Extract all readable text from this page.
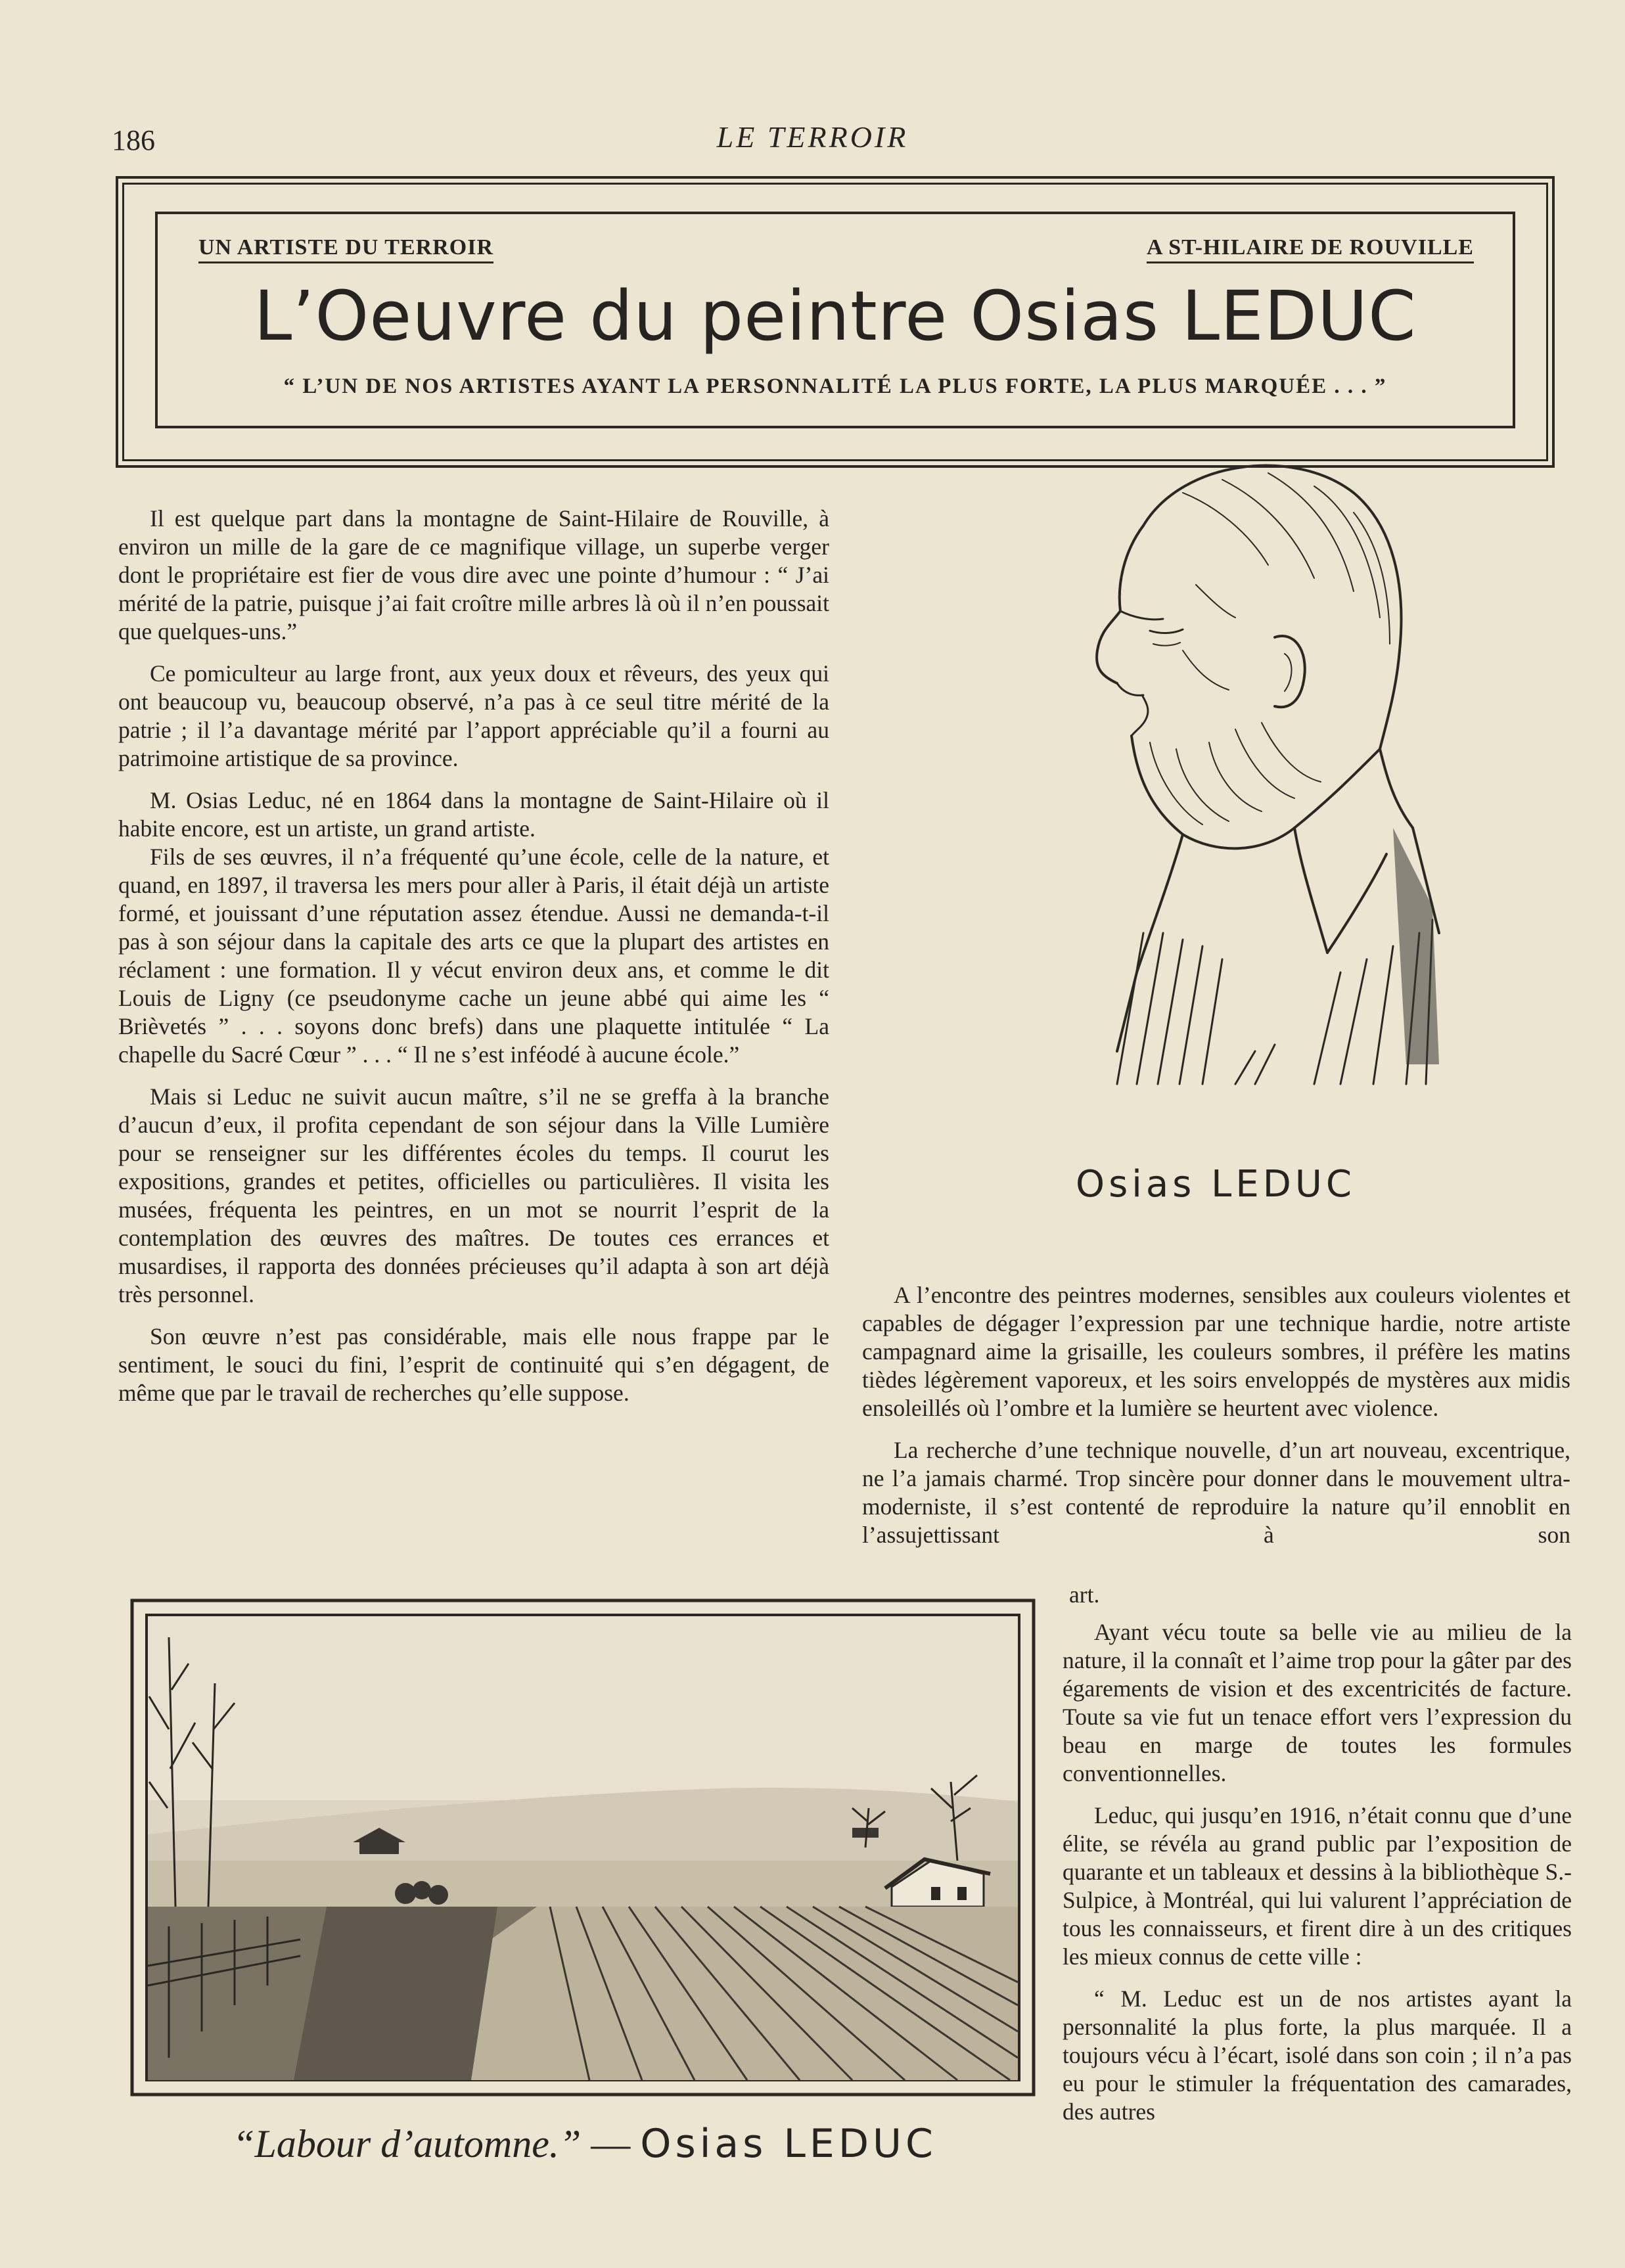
186	LE TERROIR
UN ARTISTE DU TERROIR	A ST-HILAIRE DE ROUVILLE
L’Oeuvre du peintre Osias LEDUC
“ L’UN DE NOS ARTISTES AYANT LA PERSONNALITÉ LA PLUS FORTE, LA PLUS MARQUÉE . . . ”

Il est quelque part dans la montagne de Saint-Hilaire de Rouville, à environ un mille de la gare de ce magnifique village, un superbe verger dont le propriétaire est fier de vous dire avec une pointe d’humour : “ J’ai mérité de la patrie, puisque j’ai fait croître mille arbres là où il n’en poussait que quelques-uns.”

Ce pomiculteur au large front, aux yeux doux et rêveurs, des yeux qui ont beaucoup vu, beaucoup observé, n’a pas à ce seul titre mérité de la patrie ; il l’a davantage mérité par l’apport appréciable qu’il a fourni au patrimoine artistique de sa province.

M. Osias Leduc, né en 1864 dans la montagne de Saint-Hilaire où il habite encore, est un artiste, un grand artiste.

Fils de ses œuvres, il n’a fréquenté qu’une école, celle de la nature, et quand, en 1897, il traversa les mers pour aller à Paris, il était déjà un artiste formé, et jouissant d’une réputation assez étendue. Aussi ne demanda-t-il pas à son séjour dans la capitale des arts ce que la plupart des artistes en réclament : une formation. Il y vécut environ deux ans, et comme le dit Louis de Ligny (ce pseudonyme cache un jeune abbé qui aime les “ Brièvetés ” . . . soyons donc brefs) dans une plaquette intitulée “ La chapelle du Sacré Cœur ” . . . “ Il ne s’est inféodé à aucune école.”

Mais si Leduc ne suivit aucun maître, s’il ne se greffa à la branche d’aucun d’eux, il profita cependant de son séjour dans la Ville Lumière pour se renseigner sur les différentes écoles du temps. Il courut les expositions, grandes et petites, officielles ou particulières. Il visita les musées, fréquenta les peintres, en un mot se nourrit l’esprit de la contemplation des œuvres des maîtres. De toutes ces errances et musardises, il rapporta des données précieuses qu’il adapta à son art déjà très personnel.

Son œuvre n’est pas considérable, mais elle nous frappe par le sentiment, le souci du fini, l’esprit de continuité qui s’en dégagent, de même que par le travail de recherches qu’elle suppose.

Osias LEDUC

A l’encontre des peintres modernes, sensibles aux couleurs violentes et capables de dégager l’expression par une technique hardie, notre artiste campagnard aime la grisaille, les couleurs sombres, il préfère les matins tièdes légèrement vaporeux, et les soirs enveloppés de mystères aux midis ensoleillés où l’ombre et la lumière se heurtent avec violence.

La recherche d’une technique nouvelle, d’un art nouveau, excentrique, ne l’a jamais charmé. Trop sincère pour donner dans le mouvement ultra-moderniste, il s’est contenté de reproduire la nature qu’il ennoblit en l’assujettissant à son

art.

Ayant vécu toute sa belle vie au milieu de la nature, il la connaît et l’aime trop pour la gâter par des égarements de vision et des excentricités de facture. Toute sa vie fut un tenace effort vers l’expression du beau en marge de toutes les formules conventionnelles.

Leduc, qui jusqu’en 1916, n’était connu que d’une élite, se révéla au grand public par l’exposition de quarante et un tableaux et dessins à la bibliothèque S.-Sulpice, à Montréal, qui lui valurent l’appréciation de tous les connaisseurs, et firent dire à un des critiques les mieux connus de cette ville :

“ M. Leduc est un de nos artistes ayant la personnalité la plus forte, la plus marquée. Il a toujours vécu à l’écart, isolé dans son coin ; il n’a pas eu pour le stimuler la fréquentation des camarades, des autres

“Labour d’automne.” — Osias LEDUC
